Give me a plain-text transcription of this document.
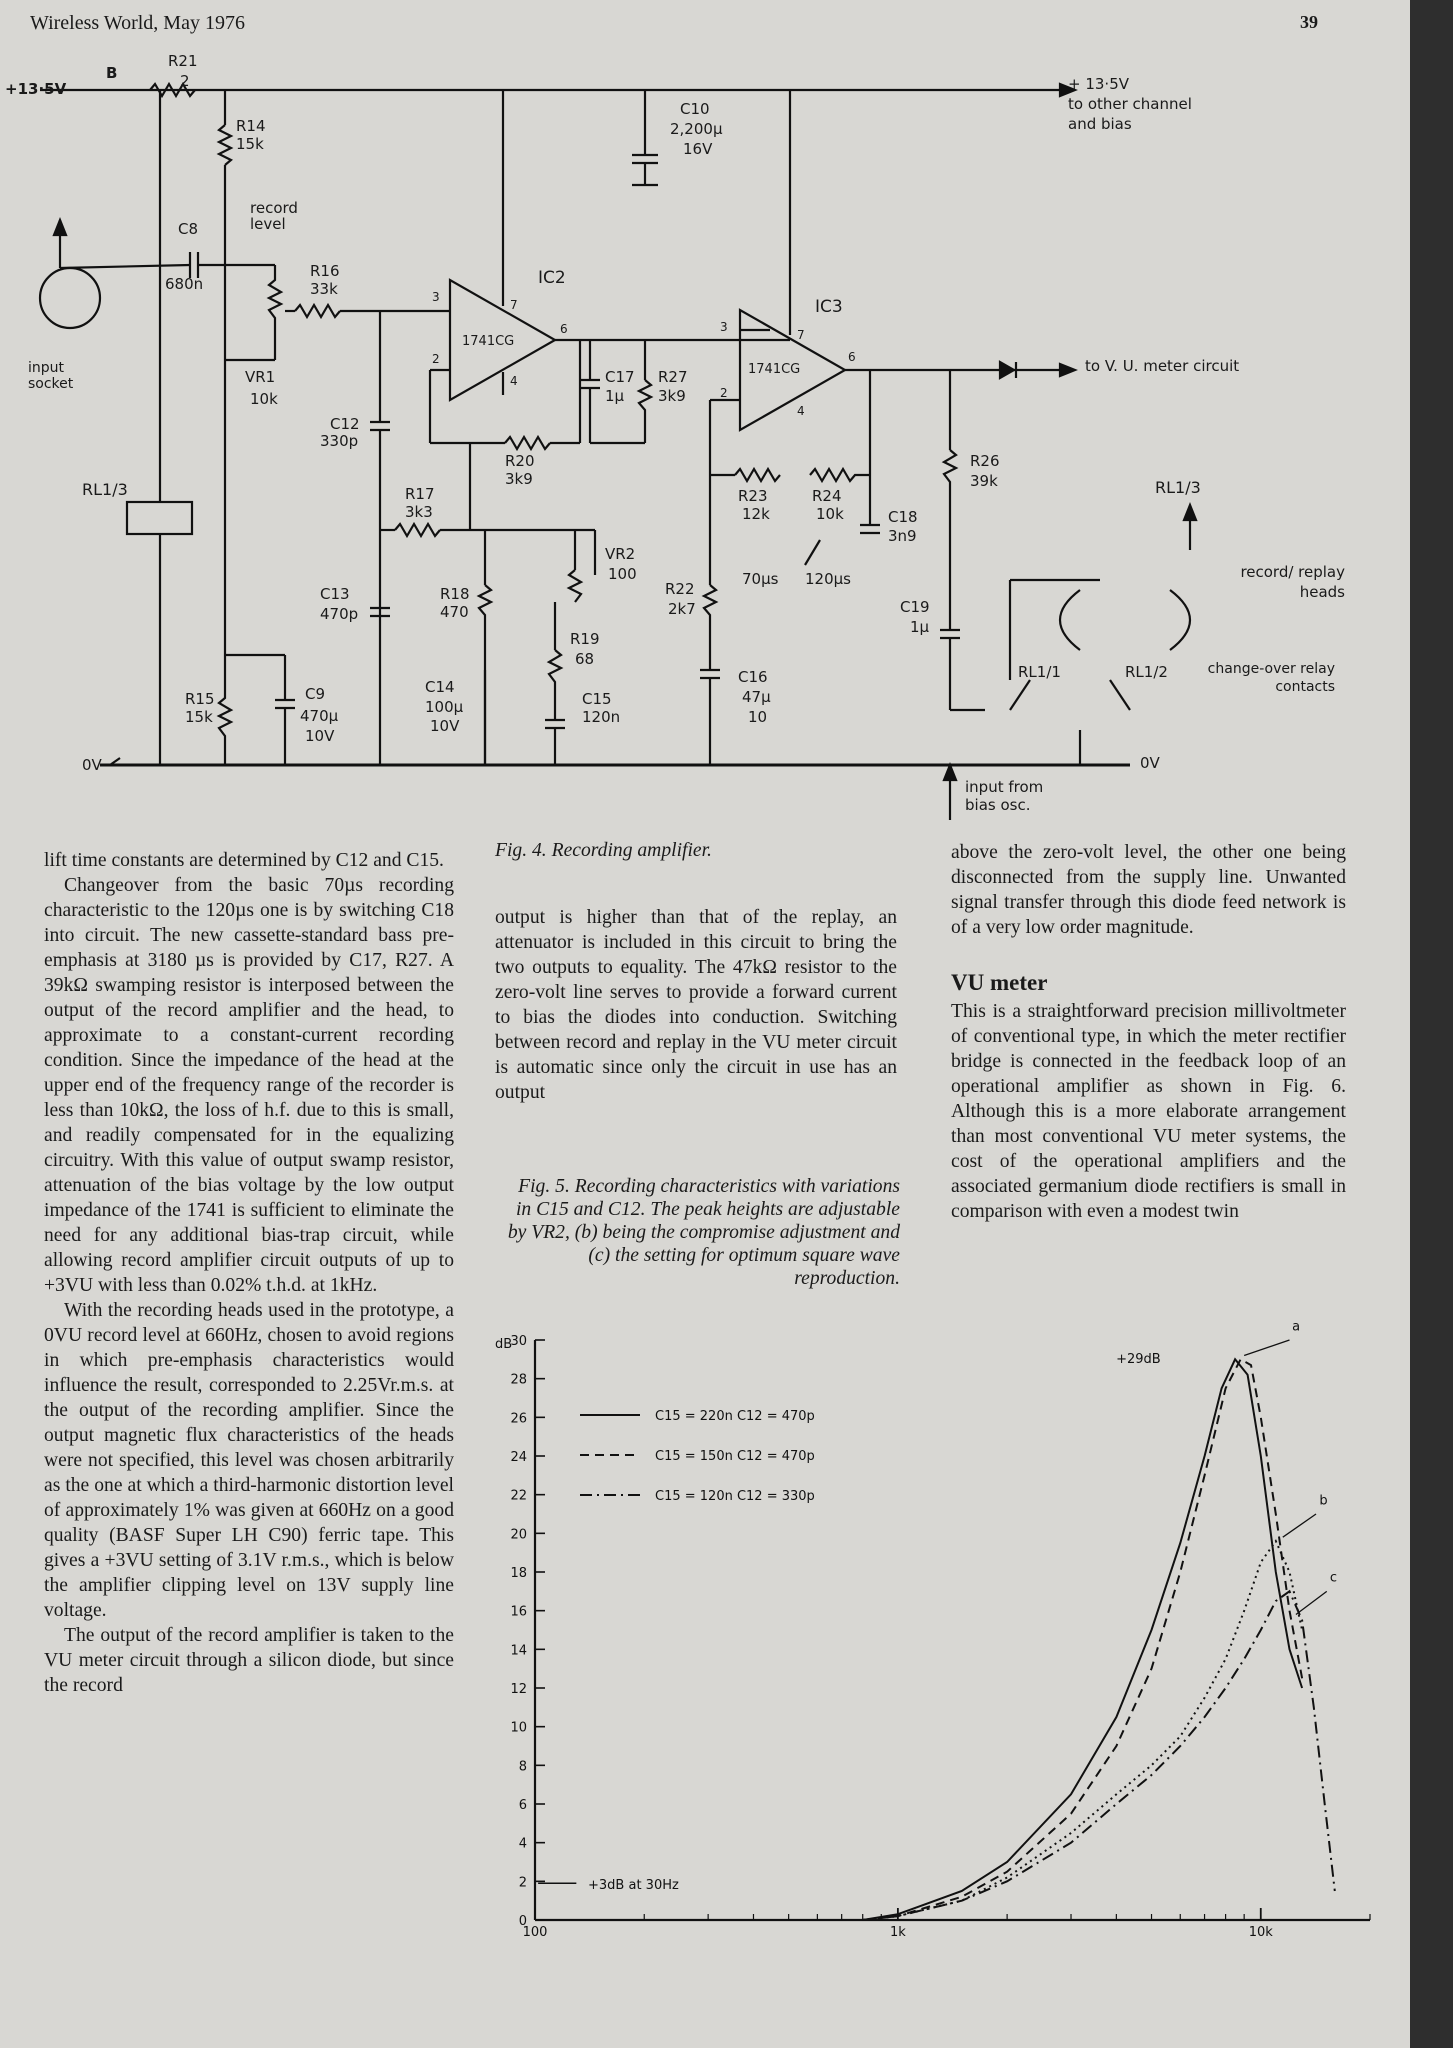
Wireless World, May 1976	39
+13·5V
R21
2
R14
15k
C8
680n
record level
R16
33k
VR1
10k
input socket
RL1/3
C12
330p
C13
470p
R15
15k
C9
470µ
10V
R17
3k3
R18
470
C14
100µ
10V
R20
3k9
VR2
100
R19
68
C15
120n
IC2
1741CG
C10
2,200µ
16V
C17
1µ
R27
3k9
IC3
1741CG
R22
2k7
R23
12k
R24
10k	C18
3n9
70µs 120µs
C16
47µ
10
R26
39k
C19
1µ
RL1/1	RL1/2
RL1/3
+ 13·5V
to other channel
and bias
to V. U. meter circuit
record/ replay heads
change-over relay contacts
0V	0V
input from bias osc.
B
3
2
7
6
4
3
2
7
6
4
Fig. 4. Recording amplifier.

lift time constants are determined by C12 and C15.

Changeover from the basic 70µs recording characteristic to the 120µs one is by switching C18 into circuit. The new cassette-standard bass pre-emphasis at 3180 µs is provided by C17, R27. A 39kΩ swamping resistor is interposed between the output of the record amplifier and the head, to approximate to a constant-current recording condition. Since the impedance of the head at the upper end of the frequency range of the recorder is less than 10kΩ, the loss of h.f. due to this is small, and readily compensated for in the equalizing circuitry. With this value of output swamp resistor, attenuation of the bias voltage by the low output impedance of the 1741 is sufficient to eliminate the need for any additional bias-trap circuit, while allowing record amplifier circuit outputs of up to +3VU with less than 0.02% t.h.d. at 1kHz.

With the recording heads used in the prototype, a 0VU record level at 660Hz, chosen to avoid regions in which pre-emphasis characteristics would influence the result, corresponded to 2.25Vr.m.s. at the output of the recording amplifier. Since the output magnetic flux characteristics of the heads were not specified, this level was chosen arbitrarily as the one at which a third-harmonic distortion level of approximately 1% was given at 660Hz on a good quality (BASF Super LH C90) ferric tape. This gives a +3VU setting of 3.1V r.m.s., which is below the amplifier clipping level on 13V supply line voltage.

The output of the record amplifier is taken to the VU meter circuit through a silicon diode, but since the record

output is higher than that of the replay, an attenuator is included in this circuit to bring the two outputs to equality. The 47kΩ resistor to the zero-volt line serves to provide a forward current to bias the diodes into conduction. Switching between record and replay in the VU meter circuit is automatic since only the circuit in use has an output

Fig. 5. Recording characteristics with variations in C15 and C12. The peak heights are adjustable by VR2, (b) being the compromise adjustment and (c) the setting for optimum square wave reproduction.

above the zero-volt level, the other one being disconnected from the supply line. Unwanted signal transfer through this diode feed network is of a very low order magnitude.

VU meter

This is a straightforward precision millivoltmeter of conventional type, in which the meter rectifier bridge is connected in the feedback loop of an operational amplifier as shown in Fig. 6. Although this is a more elaborate arrangement than most conventional VU meter systems, the cost of the operational amplifiers and the associated germanium diode rectifiers is small in comparison with even a modest twin

dB
0
2
4
6
8
10
12
14
16
18
20
22
24
26
28
30
100	1k	10k
C15 = 220n C12 = 470p
C15 = 150n C12 = 470p
C15 = 120n C12 = 330p
+29dB
+3dB at 30Hz
a
b
c
